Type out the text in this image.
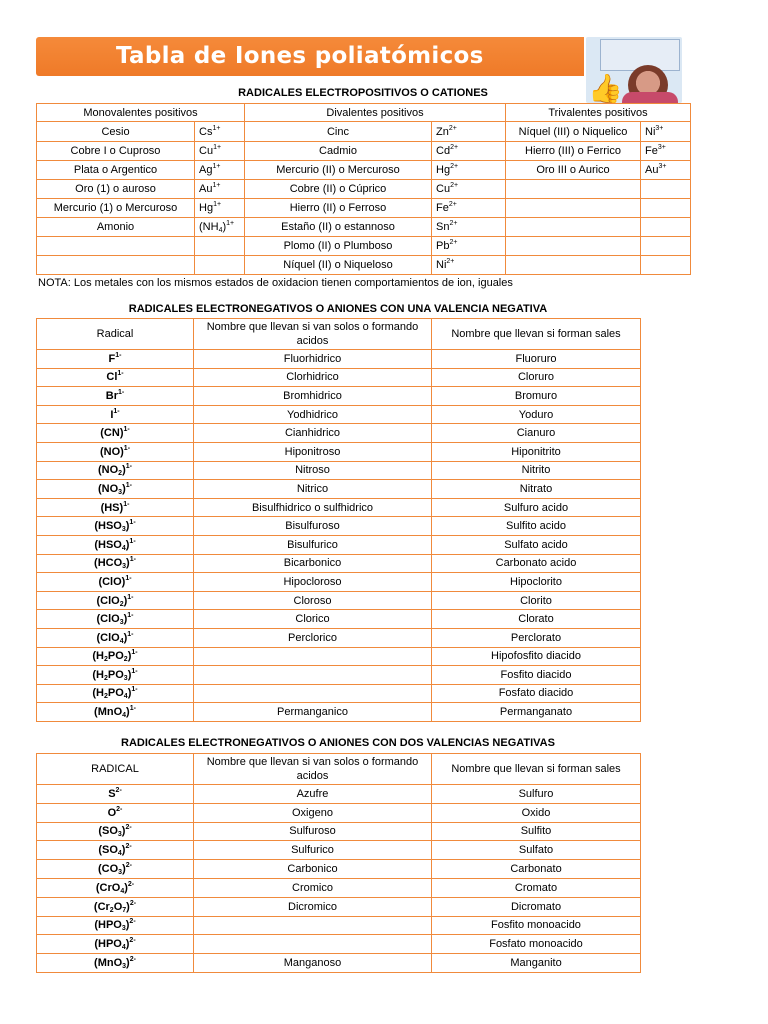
Tabla de Iones poliatómicos
👍
RADICALES ELECTROPOSITIVOS O CATIONES
Monovalentes positivos		Divalentes positivos		Trivalentes positivos	
Cesio	$Cs^{1+}$	Cinc	$Zn^{2+}$	Níquel (III) o Niquelico	$Ni^{3+}$
Cobre I o Cuproso	$Cu^{1+}$	Cadmio	$Cd^{2+}$	Hierro (III) o Ferrico	$Fe^{3+}$
Plata o Argentico	$Ag^{1+}$	Mercurio (II) o Mercuroso	$Hg^{2+}$	Oro III o Aurico	$Au^{3+}$
Oro (1) o auroso	$Au^{1+}$	Cobre (II) o Cúprico	$Cu^{2+}$		
Mercurio (1) o Mercuroso	$Hg^{1+}$	Hierro (II) o Ferroso	$Fe^{2+}$		
Amonio	$(NH_4)^{1+}$	Estaño (II) o estannoso	$Sn^{2+}$		
		Plomo (II) o Plumboso	$Pb^{2+}$		
		Níquel (II) o Niqueloso	$Ni^{2+}$		
NOTA: Los metales con los mismos estados de oxidacion tienen comportamientos de ion, iguales
RADICALES ELECTRONEGATIVOS O ANIONES CON UNA VALENCIA NEGATIVA
Radical	Nombre que llevan si van solos o formando acidos	Nombre que llevan si forman sales
$F^{1-}$	Fluorhidrico	Fluoruro
$Cl^{1-}$	Clorhidrico	Cloruro
$Br^{1-}$	Bromhidrico	Bromuro
$I^{1-}$	Yodhidrico	Yoduro
(CN)$^{1-}$	Cianhidrico	Cianuro
(NO)$^{1-}$	Hiponitroso	Hiponitrito
$(NO_2)^{1-}$	Nitroso	Nitrito
$(NO_3)^{1-}$	Nitrico	Nitrato
(HS)$^{1-}$	Bisulfhidrico o sulfhidrico	Sulfuro acido
$(HSO_3)^{1-}$	Bisulfuroso	Sulfito acido
$(HSO_4)^{1-}$	Bisulfurico	Sulfato acido
$(HCO_3)^{1-}$	Bicarbonico	Carbonato acido
(ClO)$^{1-}$	Hipocloroso	Hipoclorito
$(ClO_2)^{1-}$	Cloroso	Clorito
$(ClO_3)^{1-}$	Clorico	Clorato
$(ClO_4)^{1-}$	Perclorico	Perclorato
$(H_2PO_2)^{1-}$		Hipofosfito diacido
$(H_2PO_3)^{1-}$		Fosfito diacido
$(H_2PO_4)^{1-}$		Fosfato diacido
$(MnO_4)^{1-}$	Permanganico	Permanganato
RADICALES ELECTRONEGATIVOS O ANIONES CON DOS VALENCIAS NEGATIVAS
RADICAL	Nombre que llevan si van solos o formando acidos	Nombre que llevan si forman sales
$S^{2-}$	Azufre	Sulfuro
$O^{2-}$	Oxigeno	Oxido
$(SO_3)^{2-}$	Sulfuroso	Sulfito
$(SO_4)^{2-}$	Sulfurico	Sulfato
$(CO_3)^{2-}$	Carbonico	Carbonato
$(CrO_4)^{2-}$	Cromico	Cromato
$(Cr_2O_7)^{2-}$	Dicromico	Dicromato
$(HPO_3)^{2-}$		Fosfito monoacido
$(HPO_4)^{2-}$		Fosfato monoacido
$(MnO_3)^{2-}$	Manganoso	Manganito
